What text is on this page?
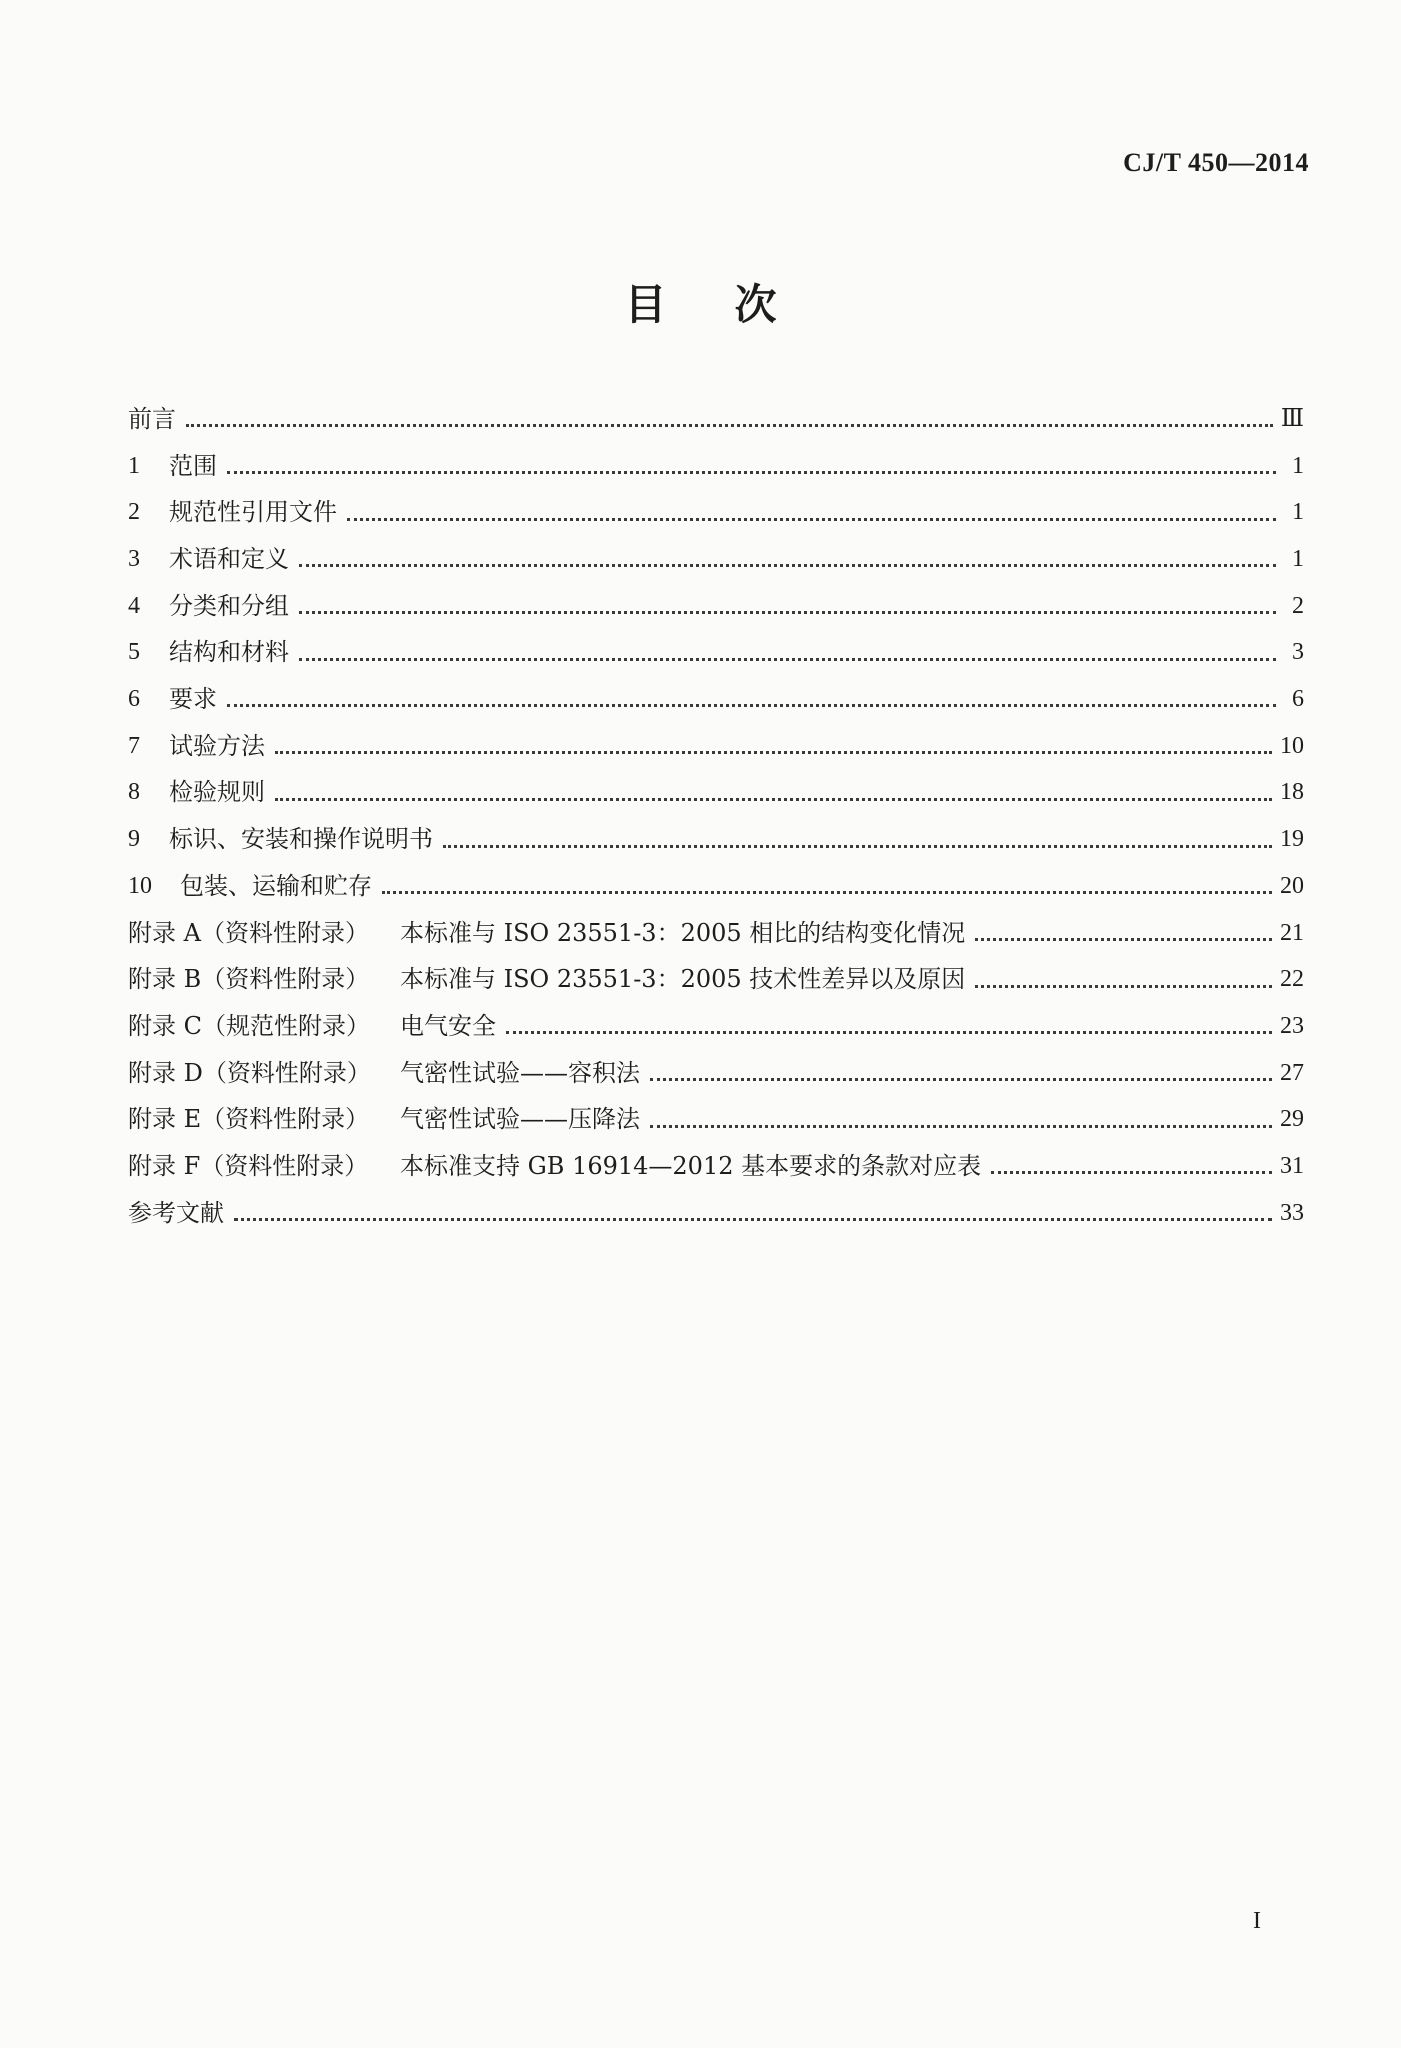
CJ/T 450—2014
目 次
前言	Ⅲ
1	范围	1
2	规范性引用文件	1
3	术语和定义	1
4	分类和分组	2
5	结构和材料	3
6	要求	6
7	试验方法	10
8	检验规则	18
9	标识、安装和操作说明书	19
10	包装、运输和贮存	20
附录 A（资料性附录）	本标准与 ISO 23551-3：2005 相比的结构变化情况	21
附录 B（资料性附录）	本标准与 ISO 23551-3：2005 技术性差异以及原因	22
附录 C（规范性附录）	电气安全	23
附录 D（资料性附录）	气密性试验——容积法	27
附录 E（资料性附录）	气密性试验——压降法	29
附录 F（资料性附录）	本标准支持 GB 16914—2012 基本要求的条款对应表	31
参考文献	33
I
